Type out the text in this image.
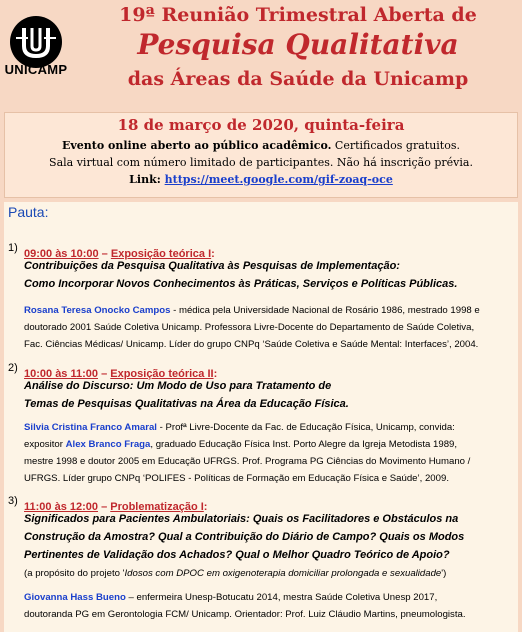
UNICAMP
19ª Reunião Trimestral Aberta de
Pesquisa Qualitativa
das Áreas da Saúde da Unicamp
18 de março de 2020, quinta-feira
Evento online aberto ao público acadêmico. Certificados gratuitos.
Sala virtual com número limitado de participantes. Não há inscrição prévia.
Link: https://meet.google.com/gif-zoaq-oce
Pauta:
1) 09:00 às 10:00 – Exposição teórica I:
Contribuições da Pesquisa Qualitativa às Pesquisas de Implementação:
Como Incorporar Novos Conhecimentos às Práticas, Serviços e Políticas Públicas.
Rosana Teresa Onocko Campos - médica pela Universidade Nacional de Rosário 1986, mestrado 1998 e
doutorado 2001 Saúde Coletiva Unicamp. Professora Livre-Docente do Departamento de Saúde Coletiva,
Fac. Ciências Médicas/ Unicamp. Líder do grupo CNPq ‘Saúde Coletiva e Saúde Mental: Interfaces’, 2004.
2) 10:00 às 11:00 – Exposição teórica II:
Análise do Discurso: Um Modo de Uso para Tratamento de
Temas de Pesquisas Qualitativas na Área da Educação Física.
Silvia Cristina Franco Amaral - Profª Livre-Docente da Fac. de Educação Física, Unicamp, convida:
expositor Alex Branco Fraga, graduado Educação Física Inst. Porto Alegre da Igreja Metodista 1989,
mestre 1998 e doutor 2005 em Educação UFRGS. Prof. Programa PG Ciências do Movimento Humano /
UFRGS. Líder grupo CNPq ‘POLIFES - Políticas de Formação em Educação Física e Saúde’, 2009.
3) 11:00 às 12:00 – Problematização I:
Significados para Pacientes Ambulatoriais: Quais os Facilitadores e Obstáculos na
Construção da Amostra? Qual a Contribuição do Diário de Campo? Quais os Modos
Pertinentes de Validação dos Achados? Qual o Melhor Quadro Teórico de Apoio?
(a propósito do projeto 'Idosos com DPOC em oxigenoterapia domiciliar prolongada e sexualidade')
Giovanna Hass Bueno – enfermeira Unesp-Botucatu 2014, mestra Saúde Coletiva Unesp 2017,
doutoranda PG em Gerontologia FCM/ Unicamp. Orientador: Prof. Luiz Cláudio Martins, pneumologista.
